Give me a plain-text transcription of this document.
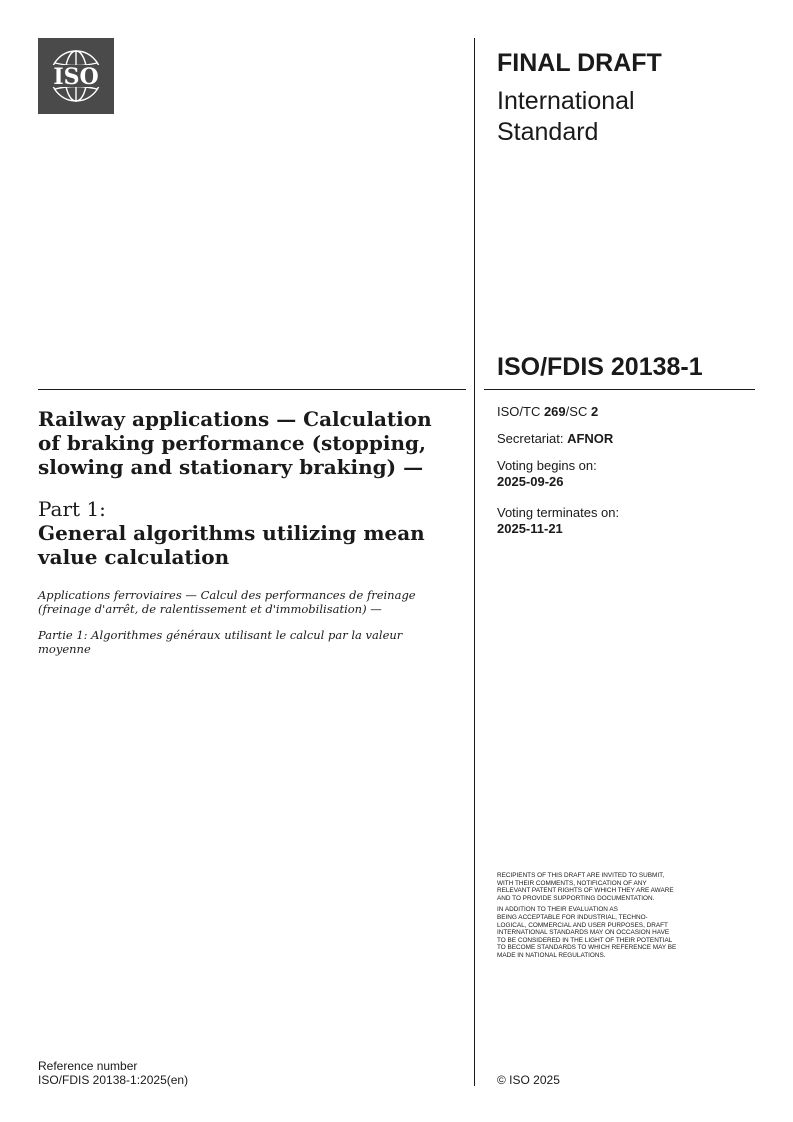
ISO	FINAL DRAFT
International
Standard
ISO/FDIS 20138-1
ISO/TC 269/SC 2
Secretariat: AFNOR
Voting begins on:
2025-09-26
Voting terminates on:
2025-11-21
Railway applications — Calculation
of braking performance (stopping,
slowing and stationary braking) —
Part 1:
General algorithms utilizing mean
value calculation
Applications ferroviaires — Calcul des performances de freinage
(freinage d'arrêt, de ralentissement et d'immobilisation) —
Partie 1: Algorithmes généraux utilisant le calcul par la valeur
moyenne

RECIPIENTS OF THIS DRAFT ARE INVITED TO SUBMIT,
WITH THEIR COMMENTS, NOTIFICATION OF ANY
RELEVANT PATENT RIGHTS OF WHICH THEY ARE AWARE
AND TO PROVIDE SUPPORTING DOCUMENTATION.

IN ADDITION TO THEIR EVALUATION AS
BEING ACCEPTABLE FOR INDUSTRIAL, TECHNO-
LOGICAL, COMMERCIAL AND USER PURPOSES, DRAFT
INTERNATIONAL STANDARDS MAY ON OCCASION HAVE
TO BE CONSIDERED IN THE LIGHT OF THEIR POTENTIAL
TO BECOME STANDARDS TO WHICH REFERENCE MAY BE
MADE IN NATIONAL REGULATIONS.

Reference number
ISO/FDIS 20138-1:2025(en)	© ISO 2025
